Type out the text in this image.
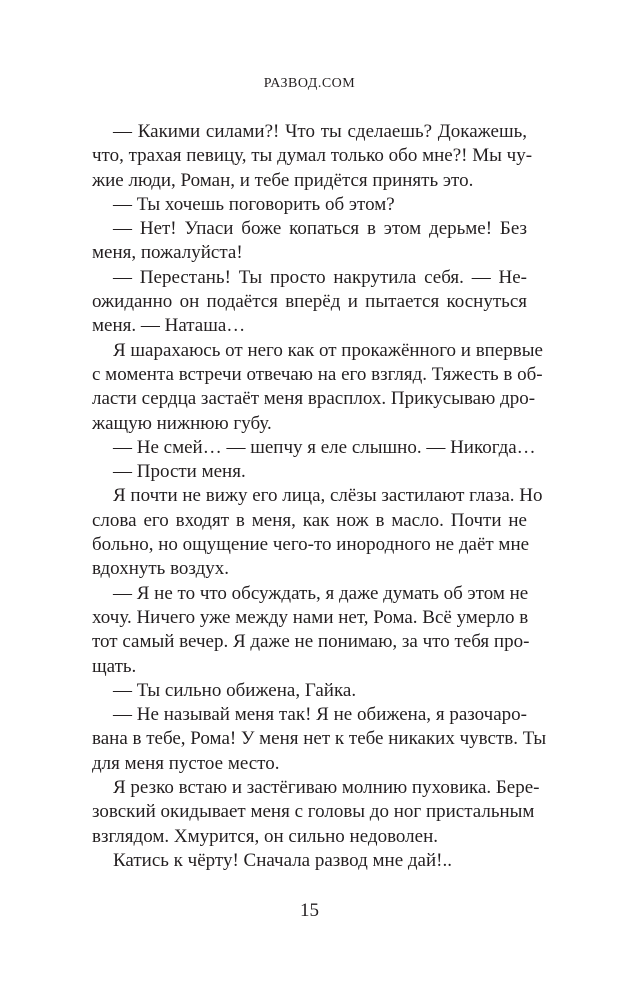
РАЗВОД.СОМ
— Какими силами?! Что ты сделаешь? Докажешь,
что, трахая певицу, ты думал только обо мне?! Мы чу-
жие люди, Роман, и тебе придётся принять это.
— Ты хочешь поговорить об этом?
— Нет! Упаси боже копаться в этом дерьме! Без
меня, пожалуйста!
— Перестань! Ты просто накрутила себя. — Не-
ожиданно он подаётся вперёд и пытается коснуться
меня. — Наташа…
Я шарахаюсь от него как от прокажённого и впервые
с момента встречи отвечаю на его взгляд. Тяжесть в об-
ласти сердца застаёт меня врасплох. Прикусываю дро-
жащую нижнюю губу.
— Не смей… — шепчу я еле слышно. — Никогда…
— Прости меня.
Я почти не вижу его лица, слёзы застилают глаза. Но
слова его входят в меня, как нож в масло. Почти не
больно, но ощущение чего-то инородного не даёт мне
вдохнуть воздух.
— Я не то что обсуждать, я даже думать об этом не
хочу. Ничего уже между нами нет, Рома. Всё умерло в
тот самый вечер. Я даже не понимаю, за что тебя про-
щать.
— Ты сильно обижена, Гайка.
— Не называй меня так! Я не обижена, я разочаро-
вана в тебе, Рома! У меня нет к тебе никаких чувств. Ты
для меня пустое место.
Я резко встаю и застёгиваю молнию пуховика. Бере-
зовский окидывает меня с головы до ног пристальным
взглядом. Хмурится, он сильно недоволен.
Катись к чёрту! Сначала развод мне дай!..
15
